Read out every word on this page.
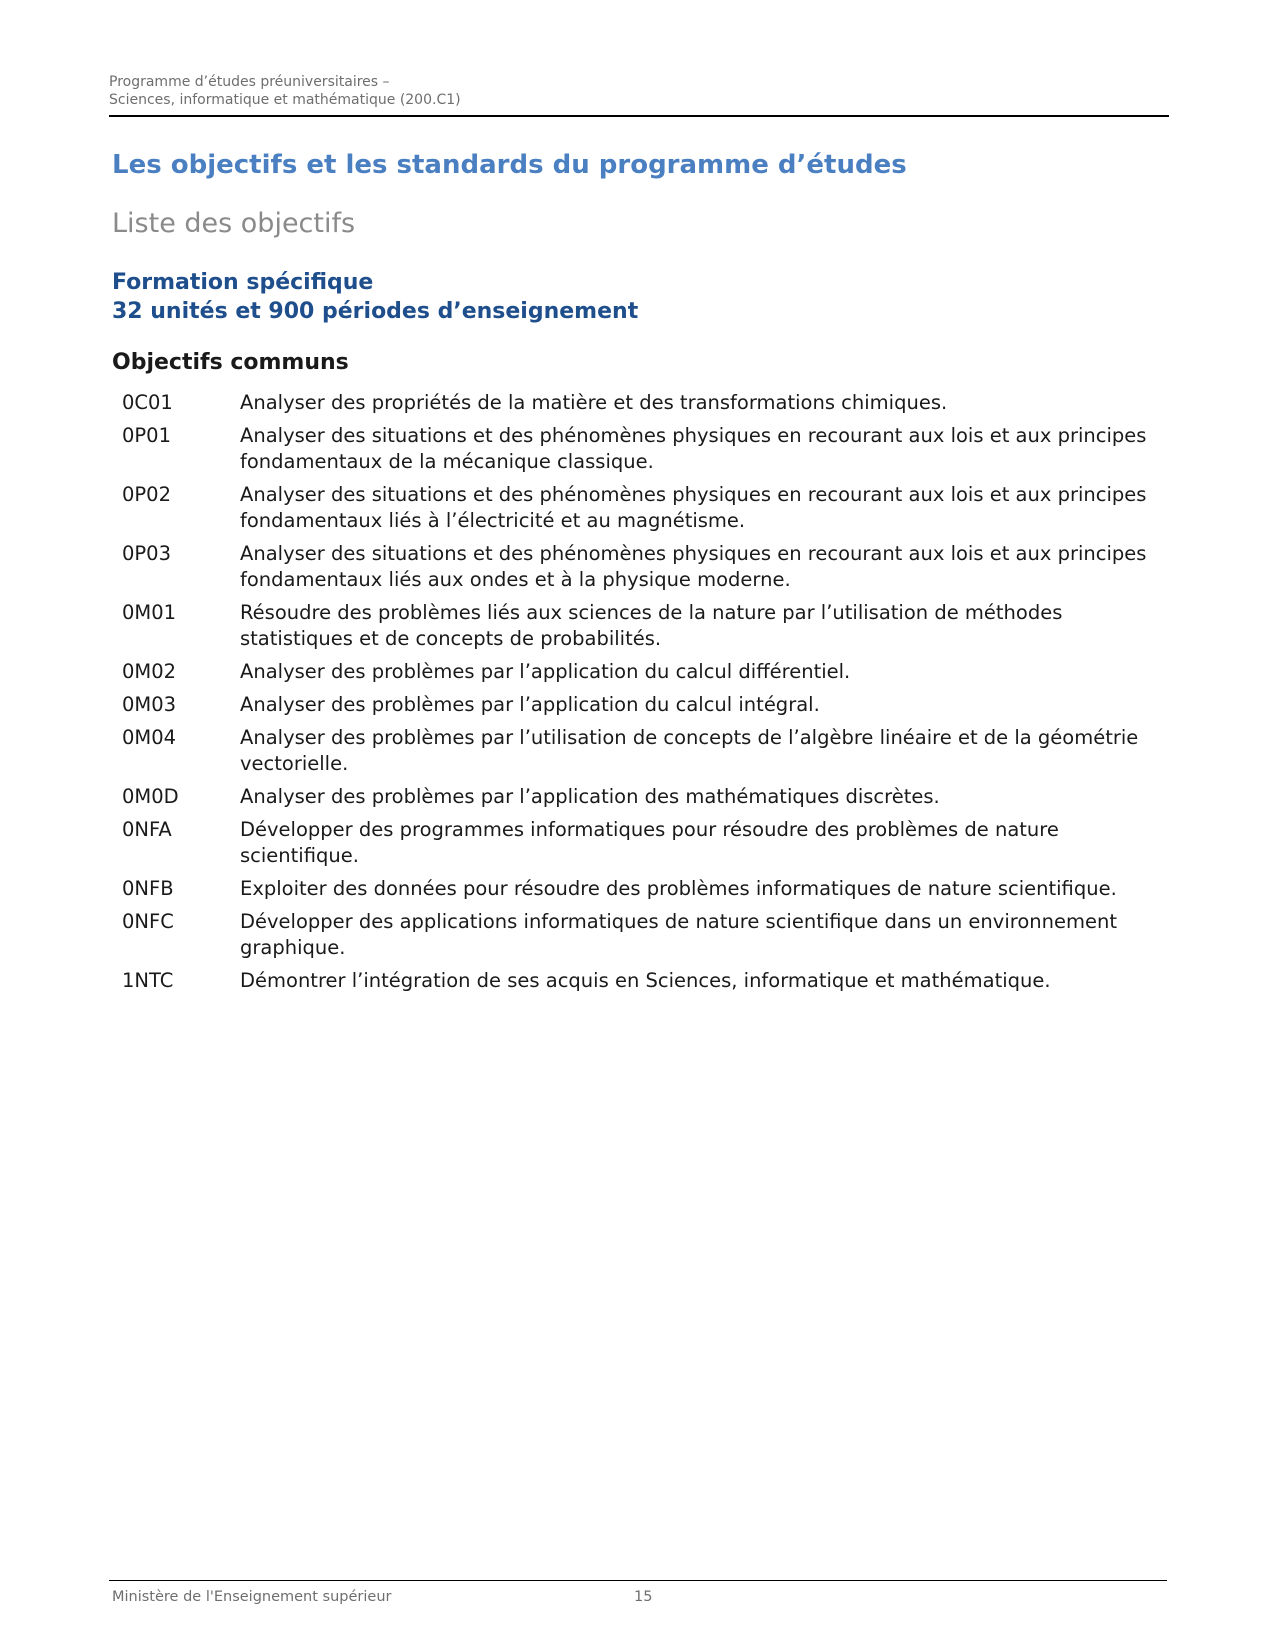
Programme d’études préuniversitaires –
Sciences, informatique et mathématique (200.C1)
Les objectifs et les standards du programme d’études
Liste des objectifs
Formation spécifique
32 unités et 900 périodes d’enseignement
Objectifs communs
0C01	Analyser des propriétés de la matière et des transformations chimiques.
0P01	Analyser des situations et des phénomènes physiques en recourant aux lois et aux principes fondamentaux de la mécanique classique.
0P02	Analyser des situations et des phénomènes physiques en recourant aux lois et aux principes fondamentaux liés à l’électricité et au magnétisme.
0P03	Analyser des situations et des phénomènes physiques en recourant aux lois et aux principes fondamentaux liés aux ondes et à la physique moderne.
0M01	Résoudre des problèmes liés aux sciences de la nature par l’utilisation de méthodes statistiques et de concepts de probabilités.
0M02	Analyser des problèmes par l’application du calcul différentiel.
0M03	Analyser des problèmes par l’application du calcul intégral.
0M04	Analyser des problèmes par l’utilisation de concepts de l’algèbre linéaire et de la géométrie vectorielle.
0M0D	Analyser des problèmes par l’application des mathématiques discrètes.
0NFA	Développer des programmes informatiques pour résoudre des problèmes de nature scientifique.
0NFB	Exploiter des données pour résoudre des problèmes informatiques de nature scientifique.
0NFC	Développer des applications informatiques de nature scientifique dans un environnement graphique.
1NTC	Démontrer l’intégration de ses acquis en Sciences, informatique et mathématique.
Ministère de l'Enseignement supérieur	15
